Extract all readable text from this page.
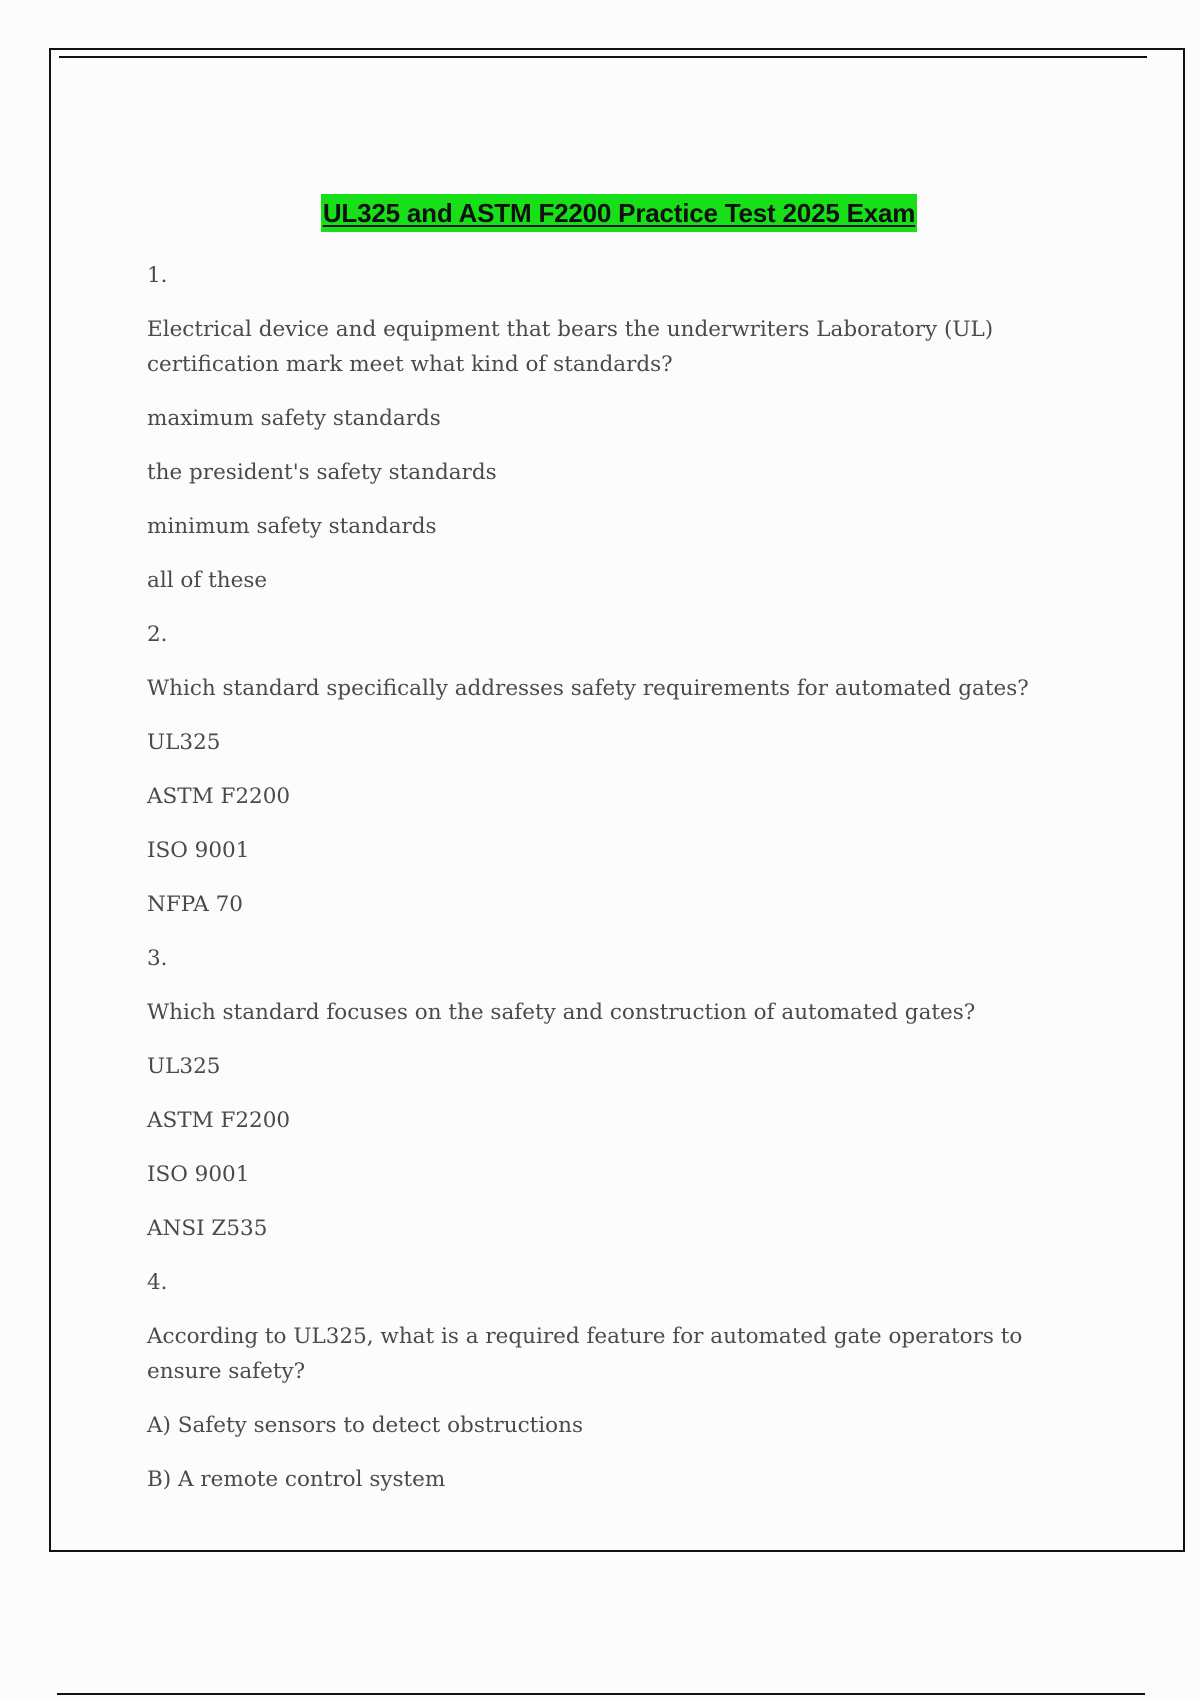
UL325 and ASTM F2200 Practice Test 2025 Exam
1.
Electrical device and equipment that bears the underwriters Laboratory (UL) certification mark meet what kind of standards?
maximum safety standards
the president's safety standards
minimum safety standards
all of these
2.
Which standard specifically addresses safety requirements for automated gates?
UL325
ASTM F2200
ISO 9001
NFPA 70
3.
Which standard focuses on the safety and construction of automated gates?
UL325
ASTM F2200
ISO 9001
ANSI Z535
4.
According to UL325, what is a required feature for automated gate operators to ensure safety?
A) Safety sensors to detect obstructions
B) A remote control system
